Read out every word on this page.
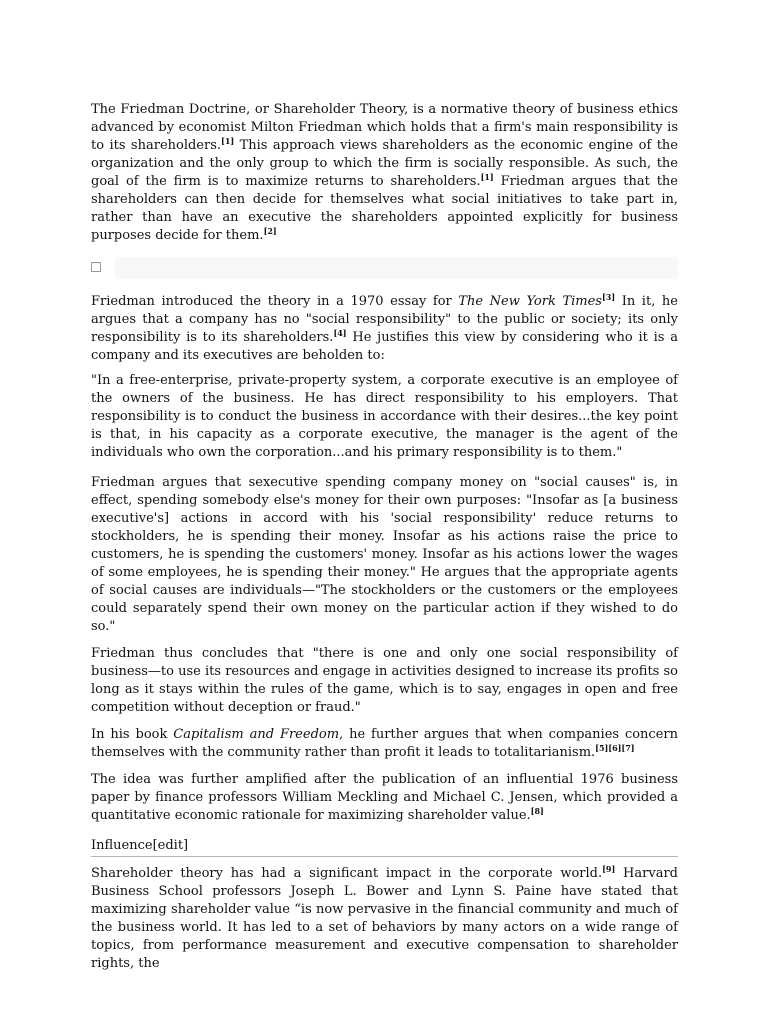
The Friedman Doctrine, or Shareholder Theory, is a normative theory of business ethics advanced by economist Milton Friedman which holds that a firm's main responsibility is to its shareholders.[1] This approach views shareholders as the economic engine of the organization and the only group to which the firm is socially responsible. As such, the goal of the firm is to maximize returns to shareholders.[1] Friedman argues that the shareholders can then decide for themselves what social initiatives to take part in, rather than have an executive the shareholders appointed explicitly for business purposes decide for them.[2]

Friedman introduced the theory in a 1970 essay for The New York Times[3] In it, he argues that a company has no "social responsibility" to the public or society; its only responsibility is to its shareholders.[4] He justifies this view by considering who it is a company and its executives are beholden to:

"In a free-enterprise, private-property system, a corporate executive is an employee of the owners of the business. He has direct responsibility to his employers. That responsibility is to conduct the business in accordance with their desires...the key point is that, in his capacity as a corporate executive, the manager is the agent of the individuals who own the corporation...and his primary responsibility is to them."

Friedman argues that sexecutive spending company money on "social causes" is, in effect, spending somebody else's money for their own purposes: "Insofar as [a business executive's] actions in accord with his 'social responsibility' reduce returns to stockholders, he is spending their money. Insofar as his actions raise the price to customers, he is spending the customers' money. Insofar as his actions lower the wages of some employees, he is spending their money." He argues that the appropriate agents of social causes are individuals—"The stockholders or the customers or the employees could separately spend their own money on the particular action if they wished to do so."

Friedman thus concludes that "there is one and only one social responsibility of business—to use its resources and engage in activities designed to increase its profits so long as it stays within the rules of the game, which is to say, engages in open and free competition without deception or fraud."

In his book Capitalism and Freedom, he further argues that when companies concern themselves with the community rather than profit it leads to totalitarianism.[5][6][7]

The idea was further amplified after the publication of an influential 1976 business paper by finance professors William Meckling and Michael C. Jensen, which provided a quantitative economic rationale for maximizing shareholder value.[8]

Influence[edit]

Shareholder theory has had a significant impact in the corporate world.[9] Harvard Business School professors Joseph L. Bower and Lynn S. Paine have stated that maximizing shareholder value “is now pervasive in the financial community and much of the business world. It has led to a set of behaviors by many actors on a wide range of topics, from performance measurement and executive compensation to shareholder rights, the
